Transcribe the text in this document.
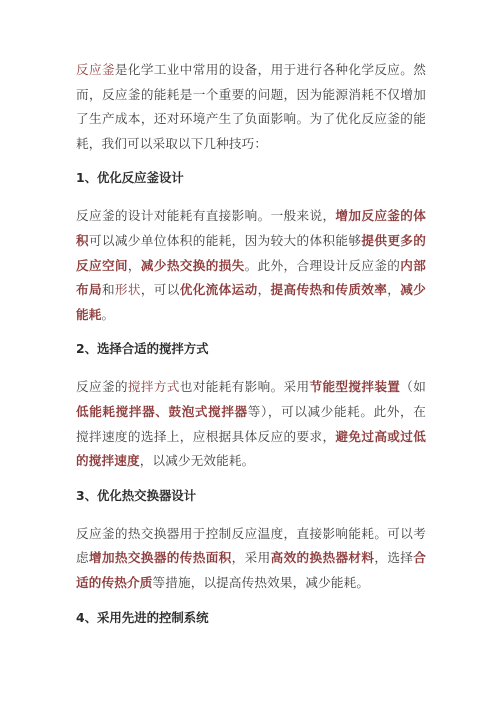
反应釜是化学工业中常用的设备，用于进行各种化学反应。然而，反应釜的能耗是一个重要的问题，因为能源消耗不仅增加了生产成本，还对环境产生了负面影响。为了优化反应釜的能耗，我们可以采取以下几种技巧：

1、优化反应釜设计

反应釜的设计对能耗有直接影响。一般来说，增加反应釜的体积可以减少单位体积的能耗，因为较大的体积能够提供更多的反应空间，减少热交换的损失。此外，合理设计反应釜的内部布局和形状，可以优化流体运动，提高传热和传质效率，减少能耗。

2、选择合适的搅拌方式

反应釜的搅拌方式也对能耗有影响。采用节能型搅拌装置（如低能耗搅拌器、鼓泡式搅拌器等），可以减少能耗。此外，在搅拌速度的选择上，应根据具体反应的要求，避免过高或过低的搅拌速度，以减少无效能耗。

3、优化热交换器设计

反应釜的热交换器用于控制反应温度，直接影响能耗。可以考虑增加热交换器的传热面积，采用高效的换热器材料，选择合适的传热介质等措施，以提高传热效果，减少能耗。

4、采用先进的控制系统
